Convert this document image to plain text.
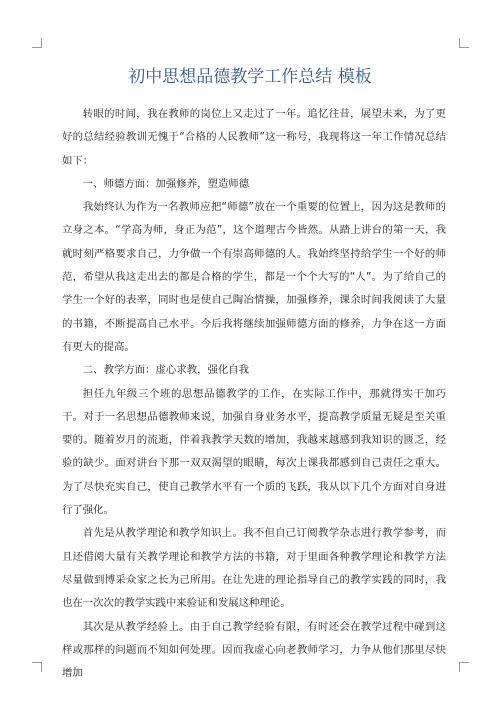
初中思想品德教学工作总结 模板

转眼的时间，我在教师的岗位上又走过了一年。追忆往昔，展望未来，为了更好的总结经验教训无愧于“合格的人民教师”这一称号，我现将这一年工作情况总结如下：

一、师德方面：加强修养，塑造师德

我始终认为作为一名教师应把“师德”放在一个重要的位置上，因为这是教师的立身之本。“学高为师，身正为范”，这个道理古今皆然。从踏上讲台的第一天，我就时刻严格要求自己，力争做一个有崇高师德的人。我始终坚持给学生一个好的师范，希望从我这走出去的都是合格的学生，都是一个个大写的“人”。为了给自己的学生一个好的表率，同时也是使自己陶冶情操，加强修养，课余时间我阅读了大量的书籍，不断提高自己水平。今后我将继续加强师德方面的修养，力争在这一方面有更大的提高。

二、教学方面：虚心求教，强化自我

担任九年级三个班的思想品德教学的工作，在实际工作中，那就得实干加巧干。对于一名思想品德教师来说，加强自身业务水平，提高教学质量无疑是至关重要的。随着岁月的流逝，伴着我教学天数的增加，我越来越感到我知识的匮乏，经验的缺少。面对讲台下那一双双渴望的眼睛，每次上课我都感到自己责任之重大。为了尽快充实自己，使自己教学水平有一个质的飞跃，我从以下几个方面对自身进行了强化。

首先是从教学理论和教学知识上。我不但自己订阅教学杂志进行教学参考，而且还借阅大量有关教学理论和教学方法的书籍，对于里面各种教学理论和教学方法尽量做到博采众家之长为己所用。在让先进的理论指导自己的教学实践的同时，我也在一次次的教学实践中来验证和发展这种理论。

其次是从教学经验上。由于自己教学经验有限，有时还会在教学过程中碰到这样或那样的问题而不知如何处理。因而我虚心向老教师学习，力争从他们那里尽快增加
